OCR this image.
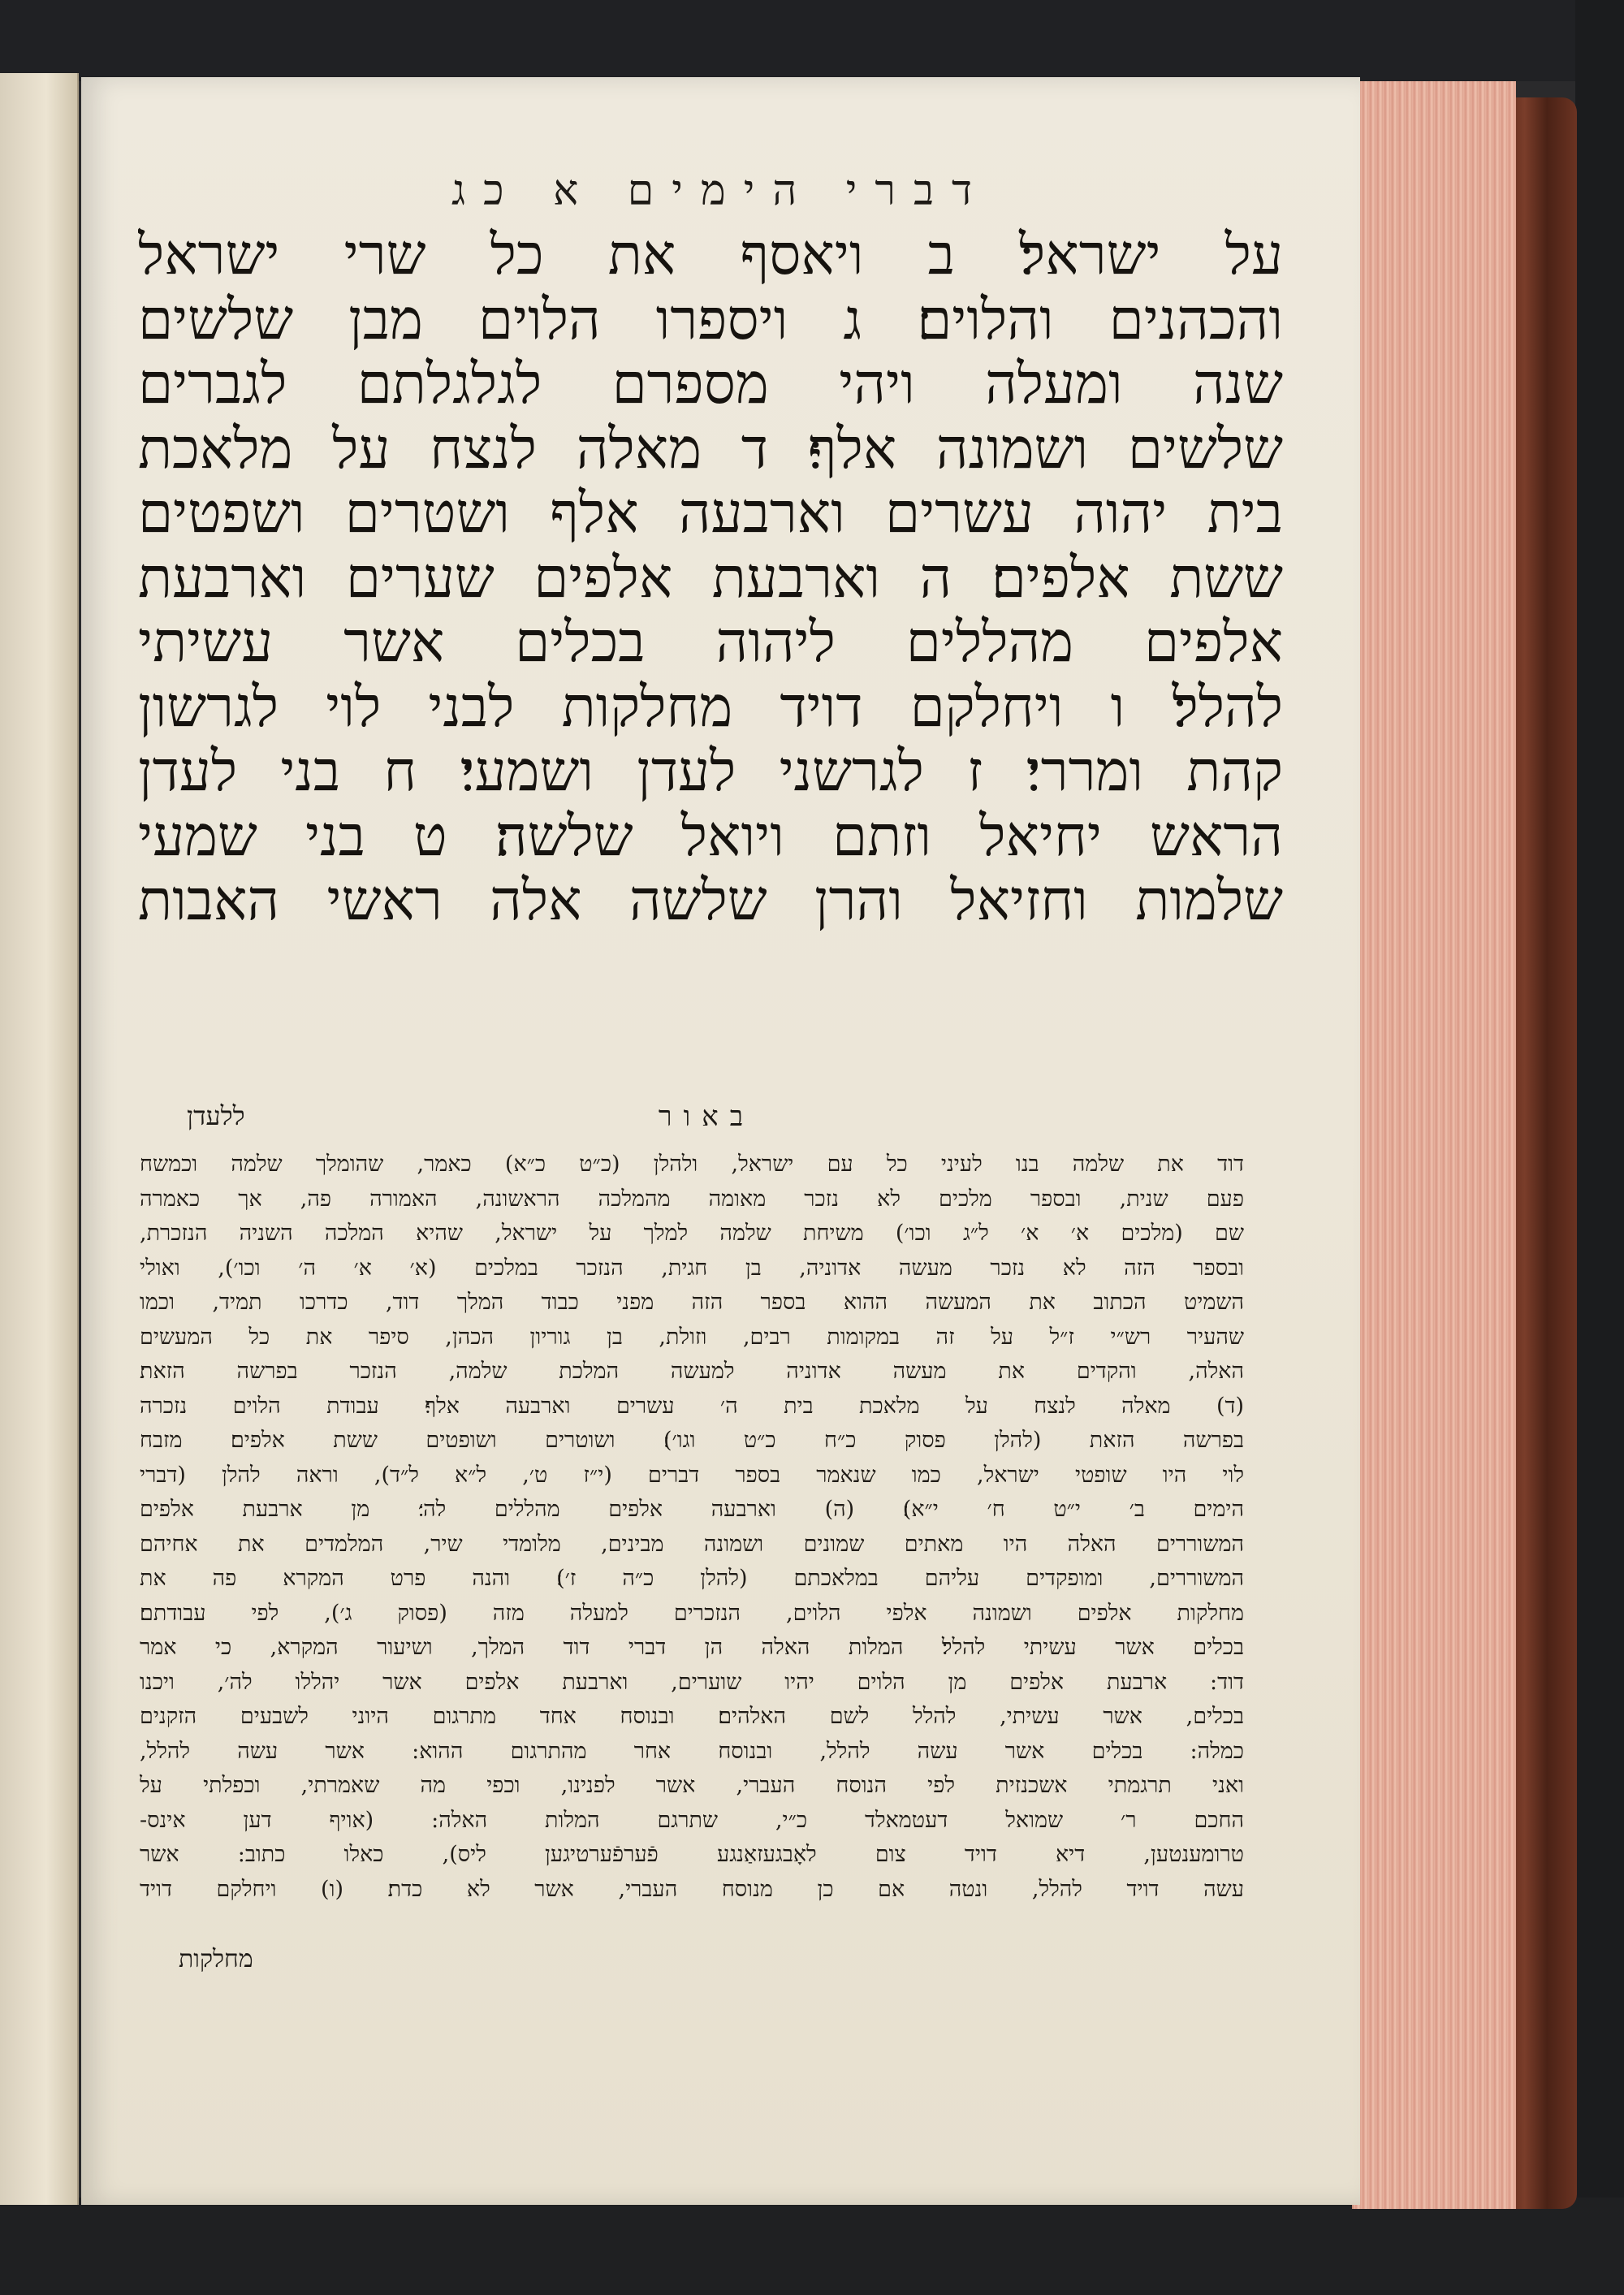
דברי הימים א כג
על ישראל׃ ב ויאסף את כל שרי ישראל
והכהנים והלוים׃ ג ויספרו הלוים מבן שלשים
שנה ומעלה ויהי מספרם לגלגלתם לגברים
שלשים ושמונה אלף׃ ד מאלה לנצח על מלאכת
בית יהוה עשרים וארבעה אלף ושטרים ושפטים
ששת אלפים׃ ה וארבעת אלפים שערים וארבעת
אלפים מהללים ליהוה בכלים אשר עשיתי
להלל׃ ו ויחלקם דויד מחלקות לבני לוי לגרשון
קהת ומררי׃ ז לגרשני לעדן ושמעי׃ ח בני לעדן
הראש יחיאל וזתם ויואל שלשה׃ ט בני שמעי
שלמות וחזיאל והרן שלשה אלה ראשי האבות
באור
ללעדן
דוד את שלמה בנו לעיני כל עם ישראל, ולהלן (כ״ט כ״א) כאמר, שהומלך שלמה וכמשח
פעם שנית, ובספר מלכים לא נזכר מאומה מהמלכה הראשונה, האמורה פה, אך כאמרה
שם (מלכים א׳ א׳ ל״ג וכו׳) משיחת שלמה למלך על ישראל, שהיא המלכה השניה הנזכרת,
ובספר הזה לא נזכר מעשה אדוניה, בן חגית, הנזכר במלכים (א׳ א׳ ה׳ וכו׳), ואולי
השמיט הכתוב את המעשה ההוא בספר הזה מפני כבוד המלך דוד, כדרכו תמיד, וכמו
שהעיר רש״י ז״ל על זה במקומות רבים, וזולת, בן גוריון הכהן, סיפר את כל המעשים
האלה, והקדים את מעשה אדוניה למעשה המלכת שלמה, הנזכר בפרשה הזאת׃
(ד) מאלה לנצח על מלאכת בית ה׳ עשרים וארבעה אלף׃ עבודת הלוים נזכרה
בפרשה הזאת (להלן פסוק כ״ח כ״ט וגו׳)׃ ושוטרים ושופטים ששת אלפים׃ מזבח
לוי היו שופטי ישראל, כמו שנאמר בספר דברים (י״ז ט׳, ל״א ל״ד), וראה להלן (דברי
הימים ב׳ י״ט ח׳ י״א)׃ (ה) וארבעה אלפים מהללים לה׳׃ מן ארבעת אלפים
המשוררים האלה היו מאתים שמונים ושמונה מבינים, מלומדי שיר, המלמדים את אחיהם
המשוררים, ומופקדים עליהם במלאכתם (להלן כ״ה ז׳)׃ והנה פרט המקרא פה את
מחלקות אלפים ושמונה אלפי הלוים, הנזכרים למעלה מזה (פסוק ג׳), לפי עבודתם׃
בכלים אשר עשיתי להלל׃ המלות האלה הן דברי דוד המלך, ושיעור המקרא, כי אמר
דוד: ארבעת אלפים מן הלוים יהיו שוערים, וארבעת אלפים אשר יהללו לה׳, ויכנו
בכלים, אשר עשיתי, להלל לשם האלהים׃ ובנוסח אחד מתרגום היוני לשבעים הזקנים
כמלה: בכלים אשר עשה להלל, ובנוסח אחר מהתרגום ההוא: אשר עשה להלל,
ואני תרגמתי אשכנזית לפי הנוסח העברי, אשר לפנינו, וכפי מה שאמרתי, וכפלתי על
החכם ר׳ שמואל דעטמאלד כ״י, שתרגם המלות האלה: (אויף דען אינס-
טרומענטען, דיא דויד צום לאָבגעזאַנגע פֿערפֿערטיגען ליס), כאלו כתוב: אשר
עשה דויד להלל, ונטה אם כן מנוסח העברי, אשר לא כדת׃ (ו) ויחלקם דויד
מחלקות
